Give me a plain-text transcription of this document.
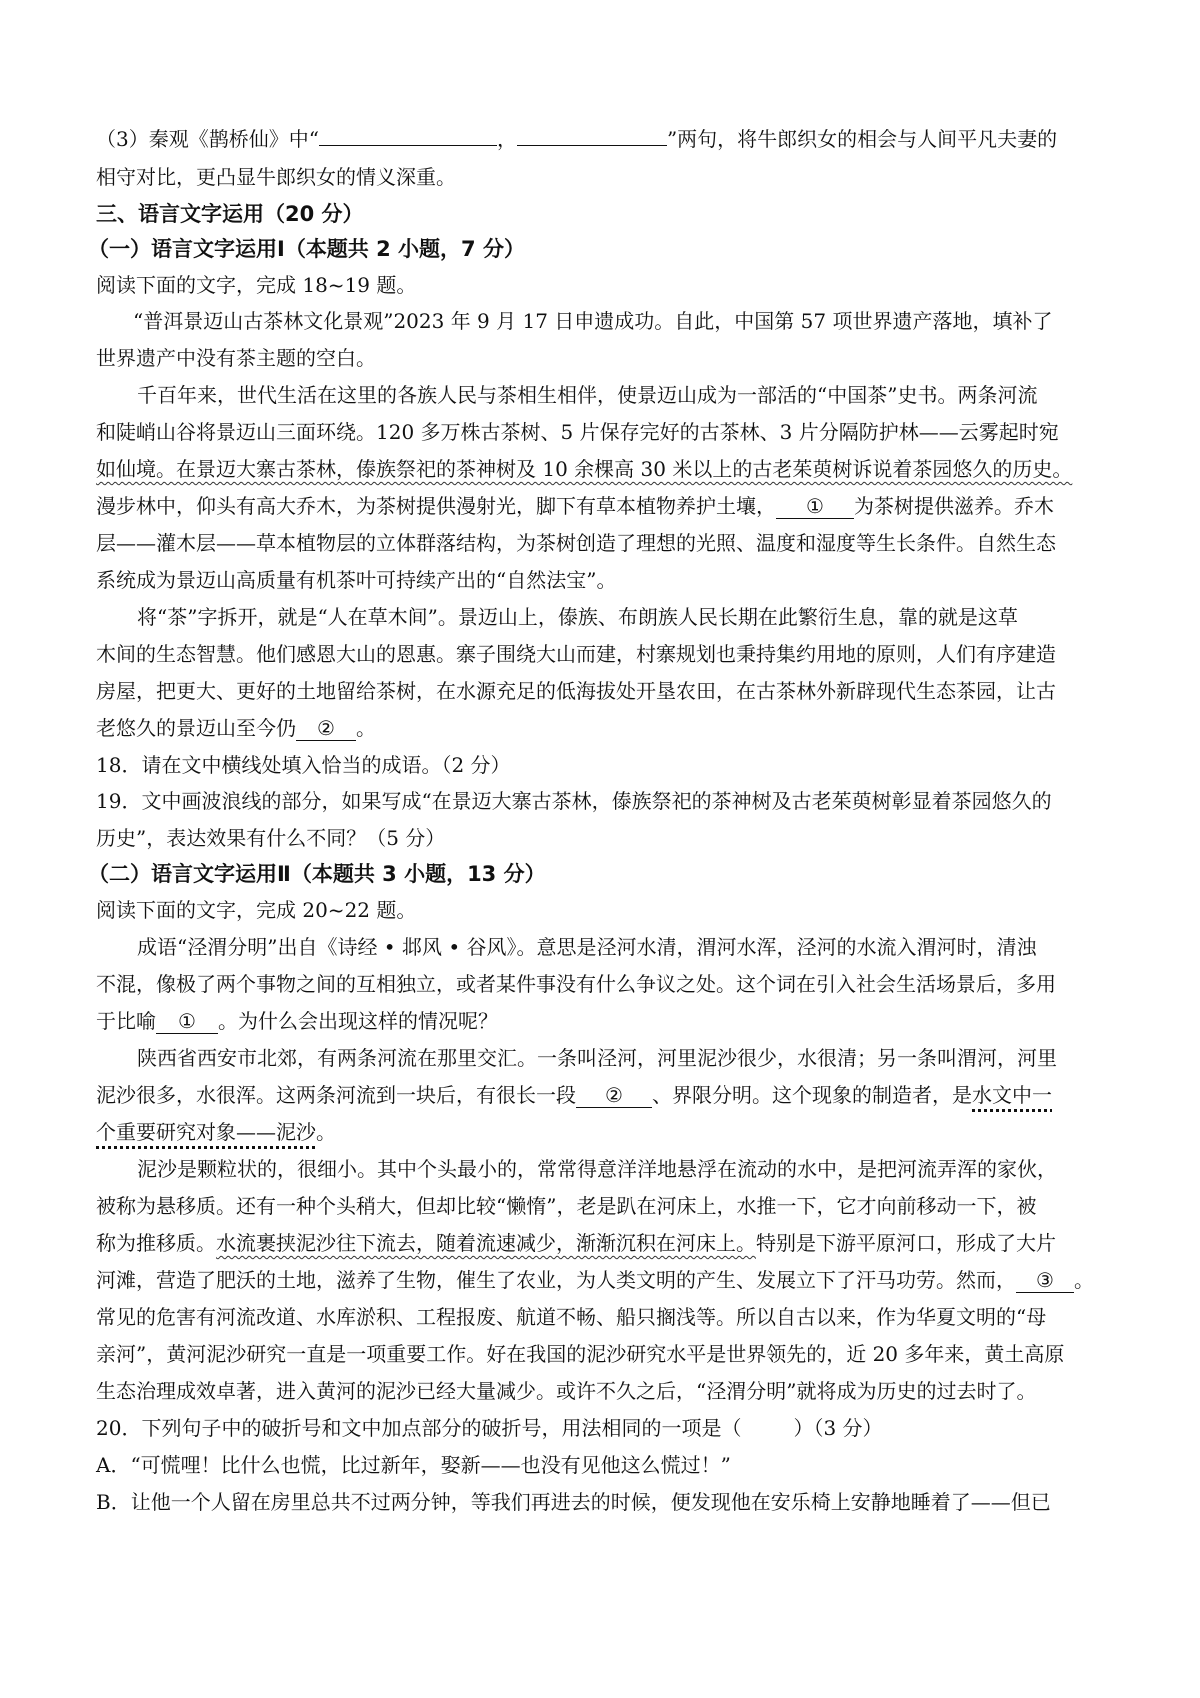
（3）秦观《鹊桥仙》中“	，	”两句，将牛郎织女的相会与人间平凡夫妻的
相守对比，更凸显牛郎织女的情义深重。
三、语言文字运用（20 分）
（一）语言文字运用Ⅰ（本题共 2 小题，7 分）
阅读下面的文字，完成 18~19 题。
“普洱景迈山古茶林文化景观”2023 年 9 月 17 日申遗成功。自此，中国第 57 项世界遗产落地，填补了
世界遗产中没有茶主题的空白。
千百年来，世代生活在这里的各族人民与茶相生相伴，使景迈山成为一部活的“中国茶”史书。两条河流
和陡峭山谷将景迈山三面环绕。120 多万株古茶树、5 片保存完好的古茶林、3 片分隔防护林——云雾起时宛
如仙境。在景迈大寨古茶林，傣族祭祀的茶神树及 10 余棵高 30 米以上的古老茱萸树诉说着茶园悠久的历史。
漫步林中，仰头有高大乔木，为茶树提供漫射光，脚下有草本植物养护土壤， ① 为茶树提供滋养。乔木
层——灌木层——草本植物层的立体群落结构，为茶树创造了理想的光照、温度和湿度等生长条件。自然生态
系统成为景迈山高质量有机茶叶可持续产出的“自然法宝”。
将“茶”字拆开，就是“人在草木间”。景迈山上，傣族、布朗族人民长期在此繁衍生息，靠的就是这草
木间的生态智慧。他们感恩大山的恩惠。寨子围绕大山而建，村寨规划也秉持集约用地的原则，人们有序建造
房屋，把更大、更好的土地留给茶树，在水源充足的低海拔处开垦农田，在古茶林外新辟现代生态茶园，让古
老悠久的景迈山至今仍 ② 。
18．请在文中横线处填入恰当的成语。（2 分）
19．文中画波浪线的部分，如果写成“在景迈大寨古茶林，傣族祭祀的茶神树及古老茱萸树彰显着茶园悠久的
历史”，表达效果有什么不同？（5 分）
（二）语言文字运用Ⅱ（本题共 3 小题，13 分）
阅读下面的文字，完成 20~22 题。
成语“泾渭分明”出自《诗经 • 邶风 • 谷风》。意思是泾河水清，渭河水浑，泾河的水流入渭河时，清浊
不混，像极了两个事物之间的互相独立，或者某件事没有什么争议之处。这个词在引入社会生活场景后，多用
于比喻 ① 。为什么会出现这样的情况呢？
陕西省西安市北郊，有两条河流在那里交汇。一条叫泾河，河里泥沙很少，水很清；另一条叫渭河，河里
泥沙很多，水很浑。这两条河流到一块后，有很长一段 ② 、界限分明。这个现象的制造者，是水文中一
个重要研究对象——泥沙。
泥沙是颗粒状的，很细小。其中个头最小的，常常得意洋洋地悬浮在流动的水中，是把河流弄浑的家伙，
被称为悬移质。还有一种个头稍大，但却比较“懒惰”，老是趴在河床上，水推一下，它才向前移动一下，被
称为推移质。水流裹挟泥沙往下流去，随着流速减少，渐渐沉积在河床上。特别是下游平原河口，形成了大片
河滩，营造了肥沃的土地，滋养了生物，催生了农业，为人类文明的产生、发展立下了汗马功劳。然而， ③ 。
常见的危害有河流改道、水库淤积、工程报废、航道不畅、船只搁浅等。所以自古以来，作为华夏文明的“母
亲河”，黄河泥沙研究一直是一项重要工作。好在我国的泥沙研究水平是世界领先的，近 20 多年来，黄土高原
生态治理成效卓著，进入黄河的泥沙已经大量减少。或许不久之后，“泾渭分明”就将成为历史的过去时了。
20．下列句子中的破折号和文中加点部分的破折号，用法相同的一项是（	）（3 分）
A．“可慌哩！比什么也慌，比过新年，娶新——也没有见他这么慌过！”
B．让他一个人留在房里总共不过两分钟，等我们再进去的时候，便发现他在安乐椅上安静地睡着了——但已
